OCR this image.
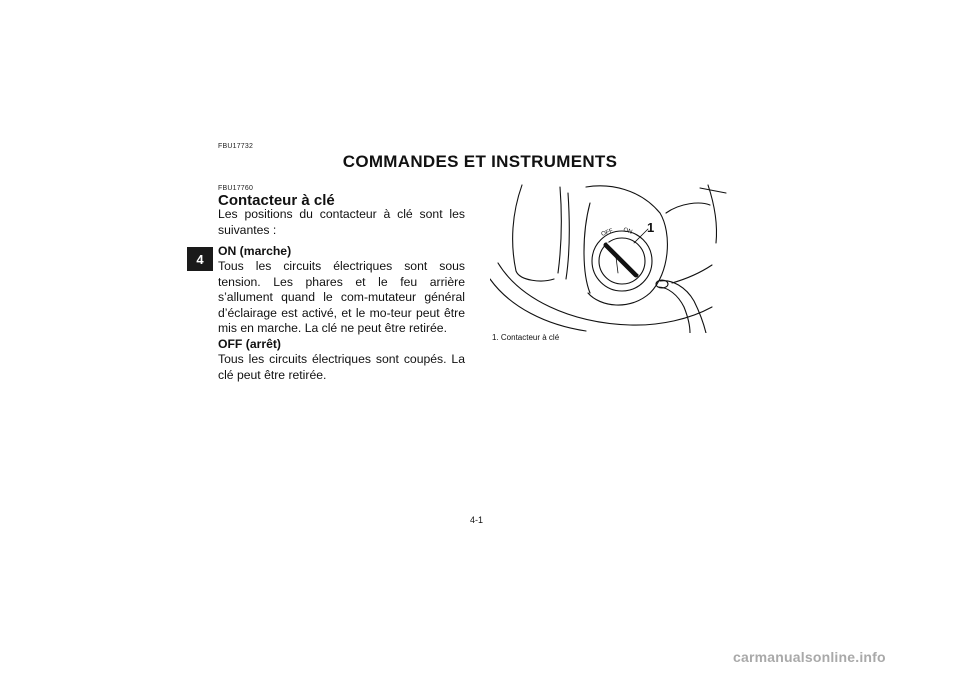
FBU17732
COMMANDES ET INSTRUMENTS
4
FBU17760
Contacteur à clé

Les positions du contacteur à clé sont les suivantes :

ON (marche)

Tous les circuits électriques sont sous tension. Les phares et le feu arrière s’allument quand le com-mutateur général d’éclairage est activé, et le mo-teur peut être mis en marche. La clé ne peut être retirée.

OFF (arrêt)

Tous les circuits électriques sont coupés. La clé peut être retirée.

OFF ON 1
1. Contacteur à clé
4-1
carmanualsonline.info
